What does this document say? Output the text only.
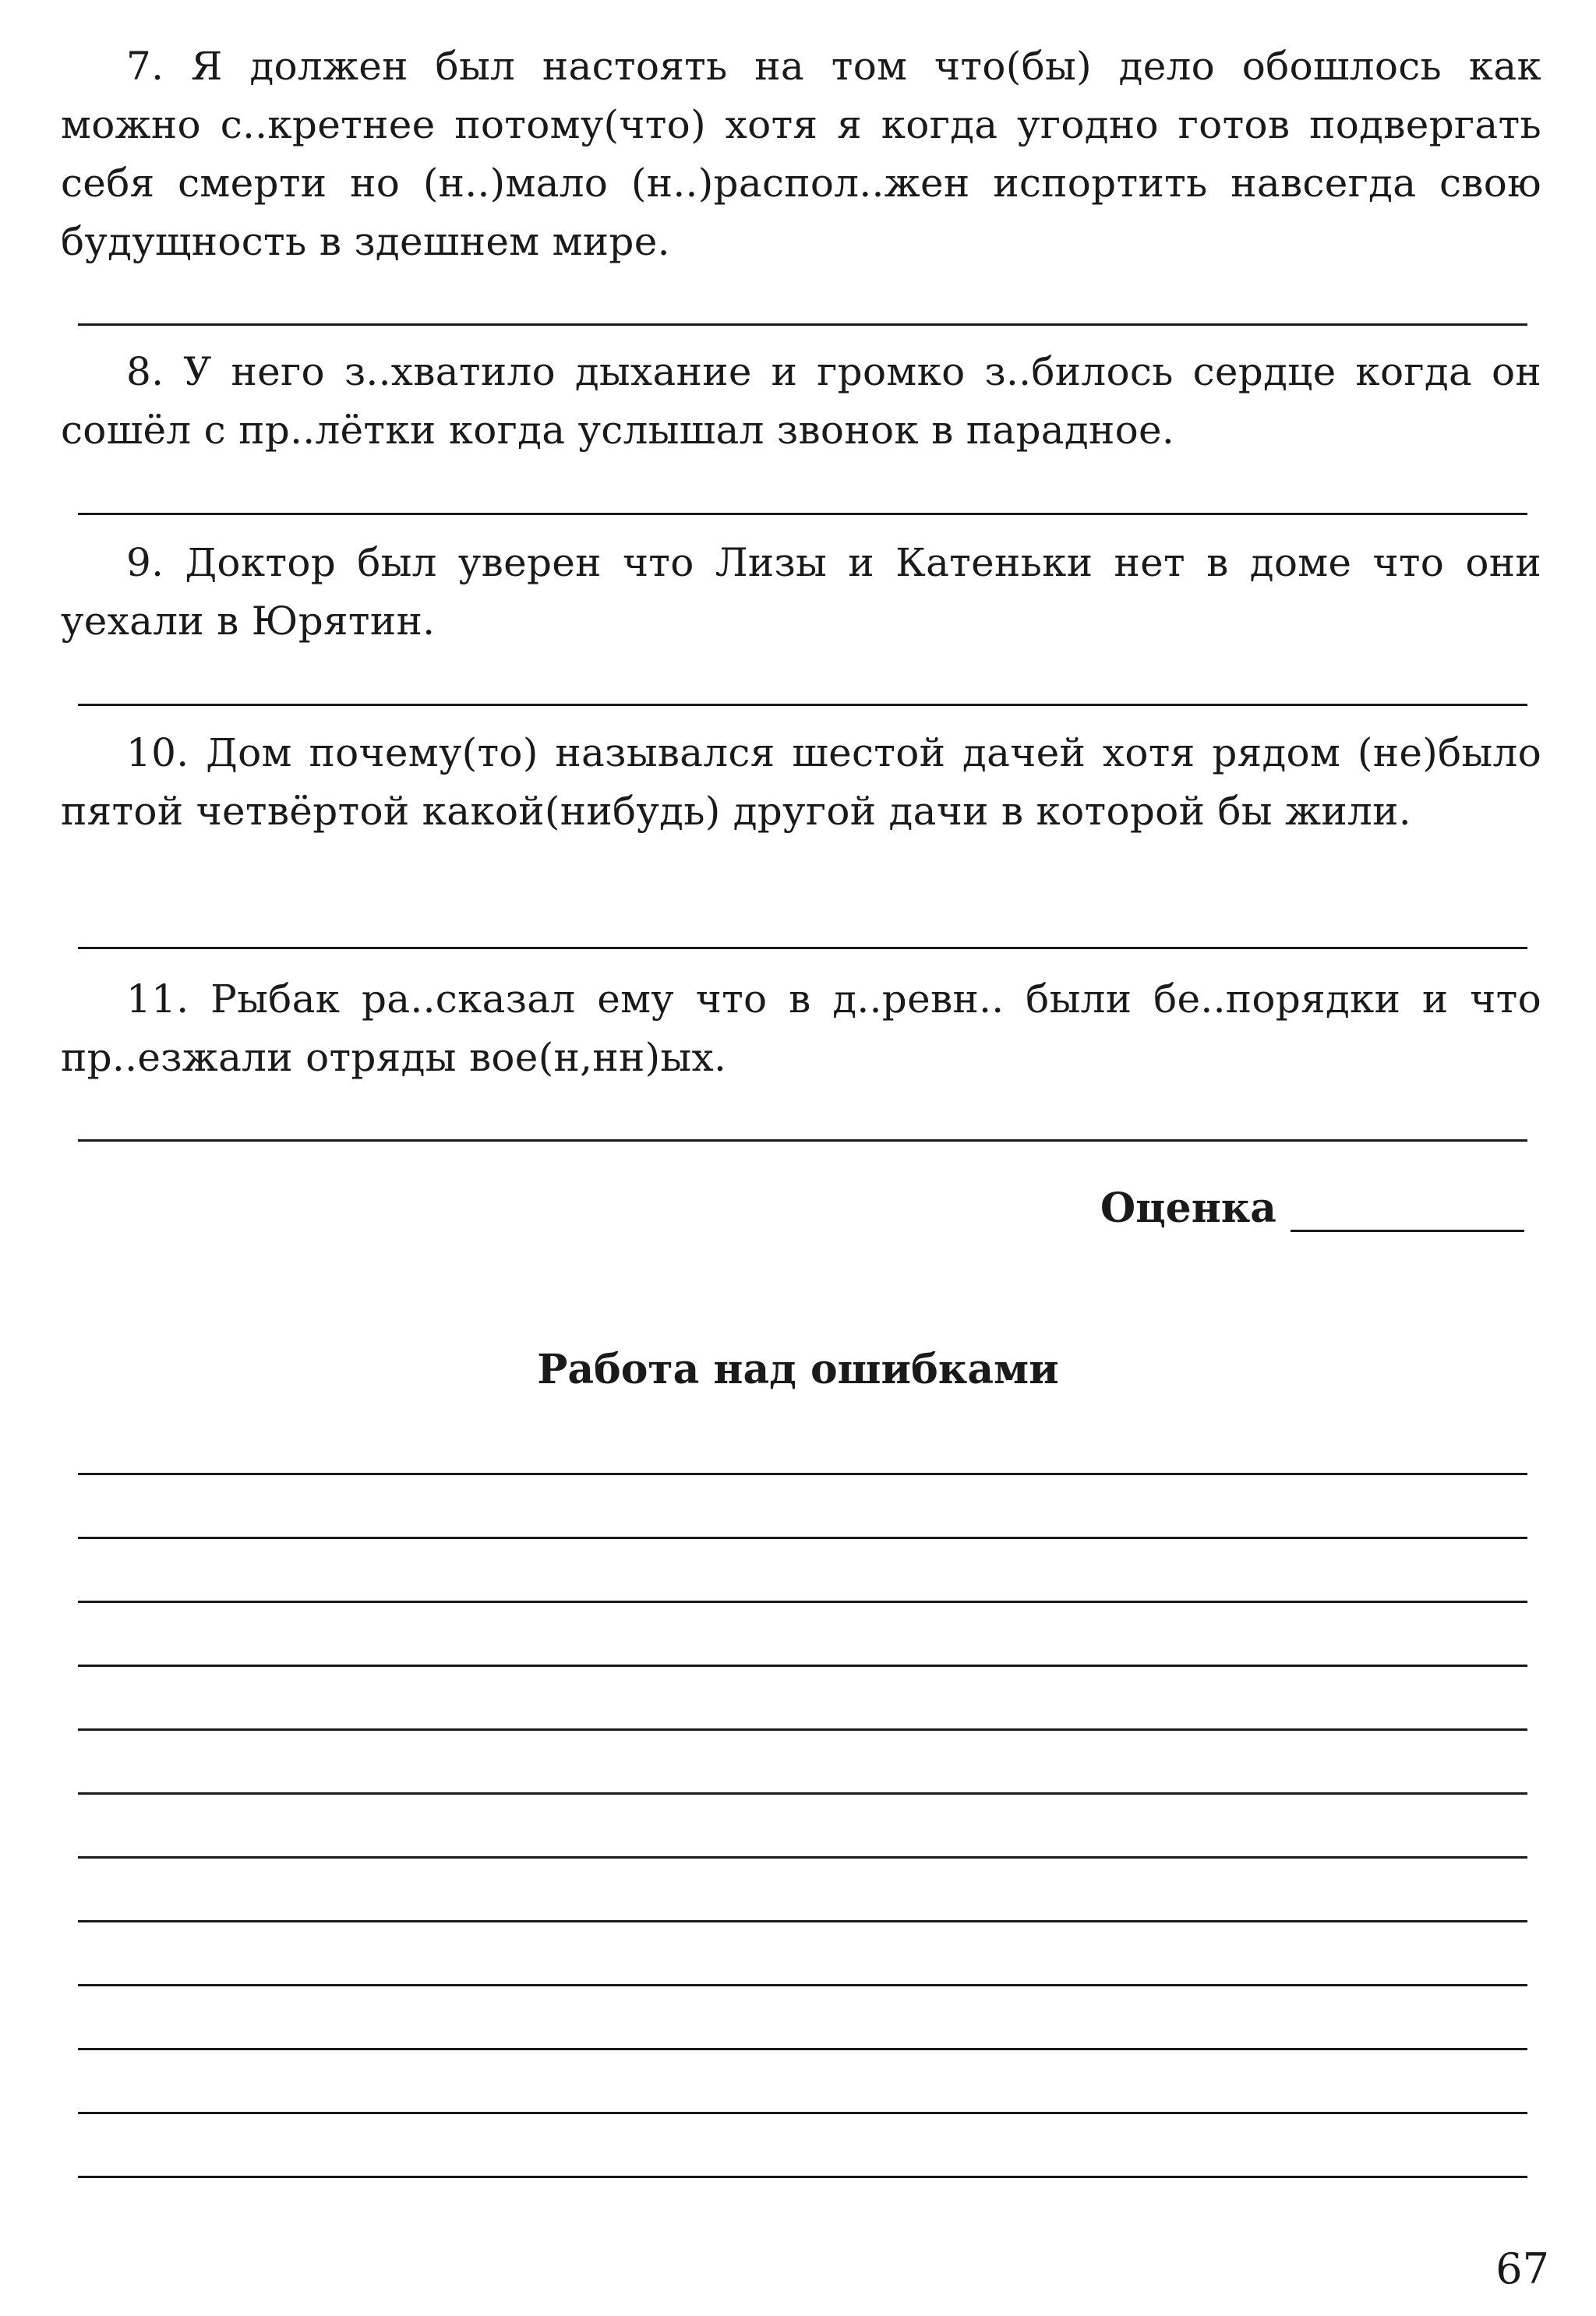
7. Я должен был настоять на том что(бы) дело обошлось как можно с..кретнее потому(что) хотя я когда угодно готов подвергать себя смерти но (н..)мало (н..)распол..жен испортить навсегда свою будущность в здешнем мире.

8. У него з..хватило дыхание и громко з..билось сердце когда он сошёл с пр..лётки когда услышал звонок в парадное.

9. Доктор был уверен что Лизы и Катеньки нет в доме что они уехали в Юрятин.

10. Дом почему(то) назывался шестой дачей хотя рядом (не)было пятой четвёртой какой(нибудь) другой дачи в которой бы жили.

11. Рыбак ра..сказал ему что в д..ревн.. были бе..порядки и что пр..езжали отряды вое(н,нн)ых.

Оценка

Работа над ошибками

67
